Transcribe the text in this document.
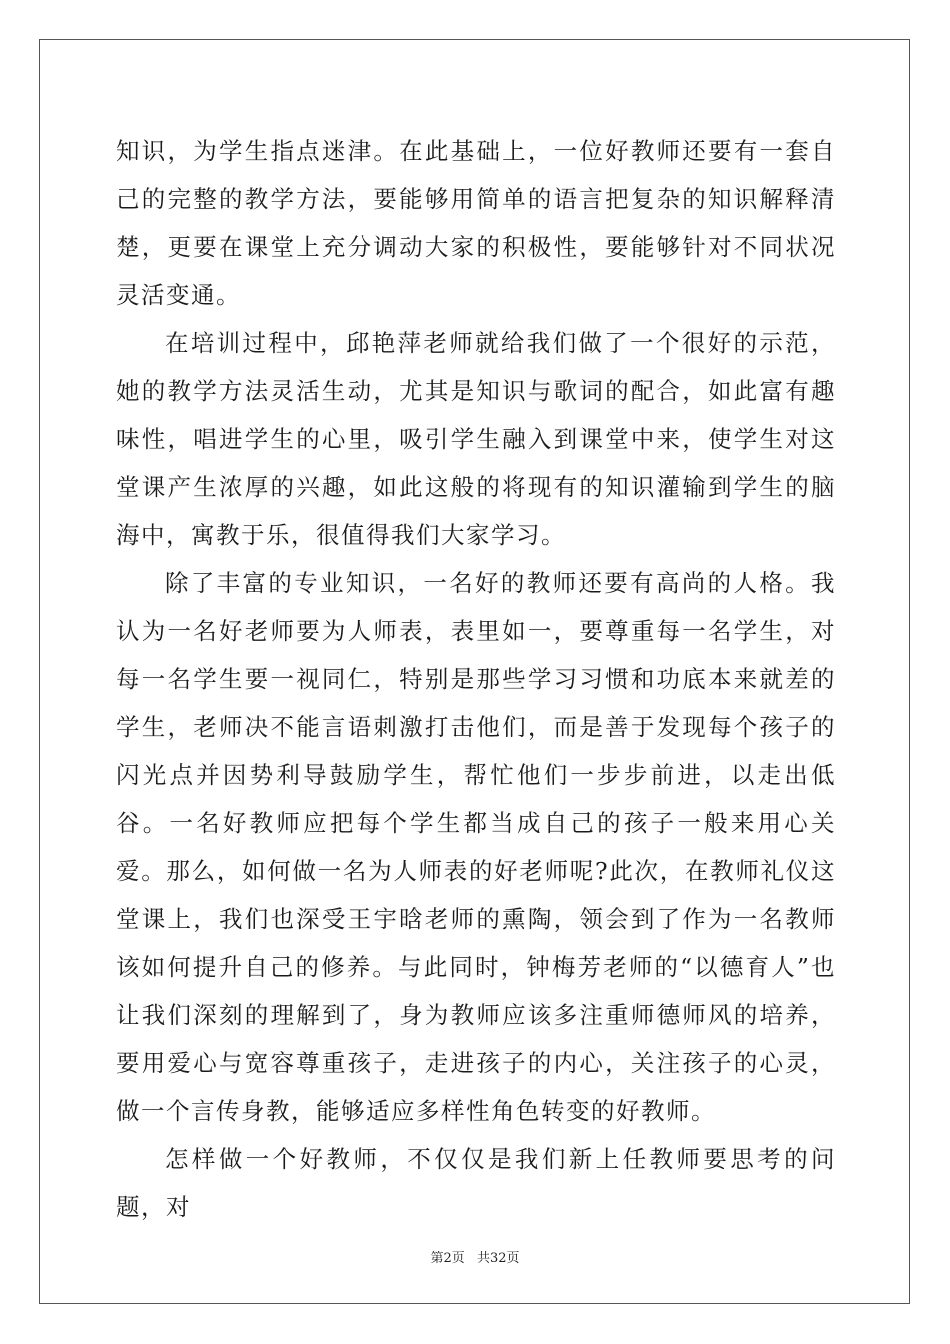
知识，为学生指点迷津。在此基础上，一位好教师还要有一套自己的完整的教学方法，要能够用简单的语言把复杂的知识解释清楚，更要在课堂上充分调动大家的积极性，要能够针对不同状况灵活变通。

在培训过程中，邱艳萍老师就给我们做了一个很好的示范，她的教学方法灵活生动，尤其是知识与歌词的配合，如此富有趣味性，唱进学生的心里，吸引学生融入到课堂中来，使学生对这堂课产生浓厚的兴趣，如此这般的将现有的知识灌输到学生的脑海中，寓教于乐，很值得我们大家学习。

除了丰富的专业知识，一名好的教师还要有高尚的人格。我认为一名好老师要为人师表，表里如一，要尊重每一名学生，对每一名学生要一视同仁，特别是那些学习习惯和功底本来就差的学生，老师决不能言语刺激打击他们，而是善于发现每个孩子的闪光点并因势利导鼓励学生，帮忙他们一步步前进，以走出低谷。一名好教师应把每个学生都当成自己的孩子一般来用心关爱。那么，如何做一名为人师表的好老师呢?此次，在教师礼仪这堂课上，我们也深受王宇晗老师的熏陶，领会到了作为一名教师该如何提升自己的修养。与此同时，钟梅芳老师的“以德育人”也让我们深刻的理解到了，身为教师应该多注重师德师风的培养，要用爱心与宽容尊重孩子，走进孩子的内心，关注孩子的心灵，做一个言传身教，能够适应多样性角色转变的好教师。

怎样做一个好教师，不仅仅是我们新上任教师要思考的问题，对

第2页 共32页
